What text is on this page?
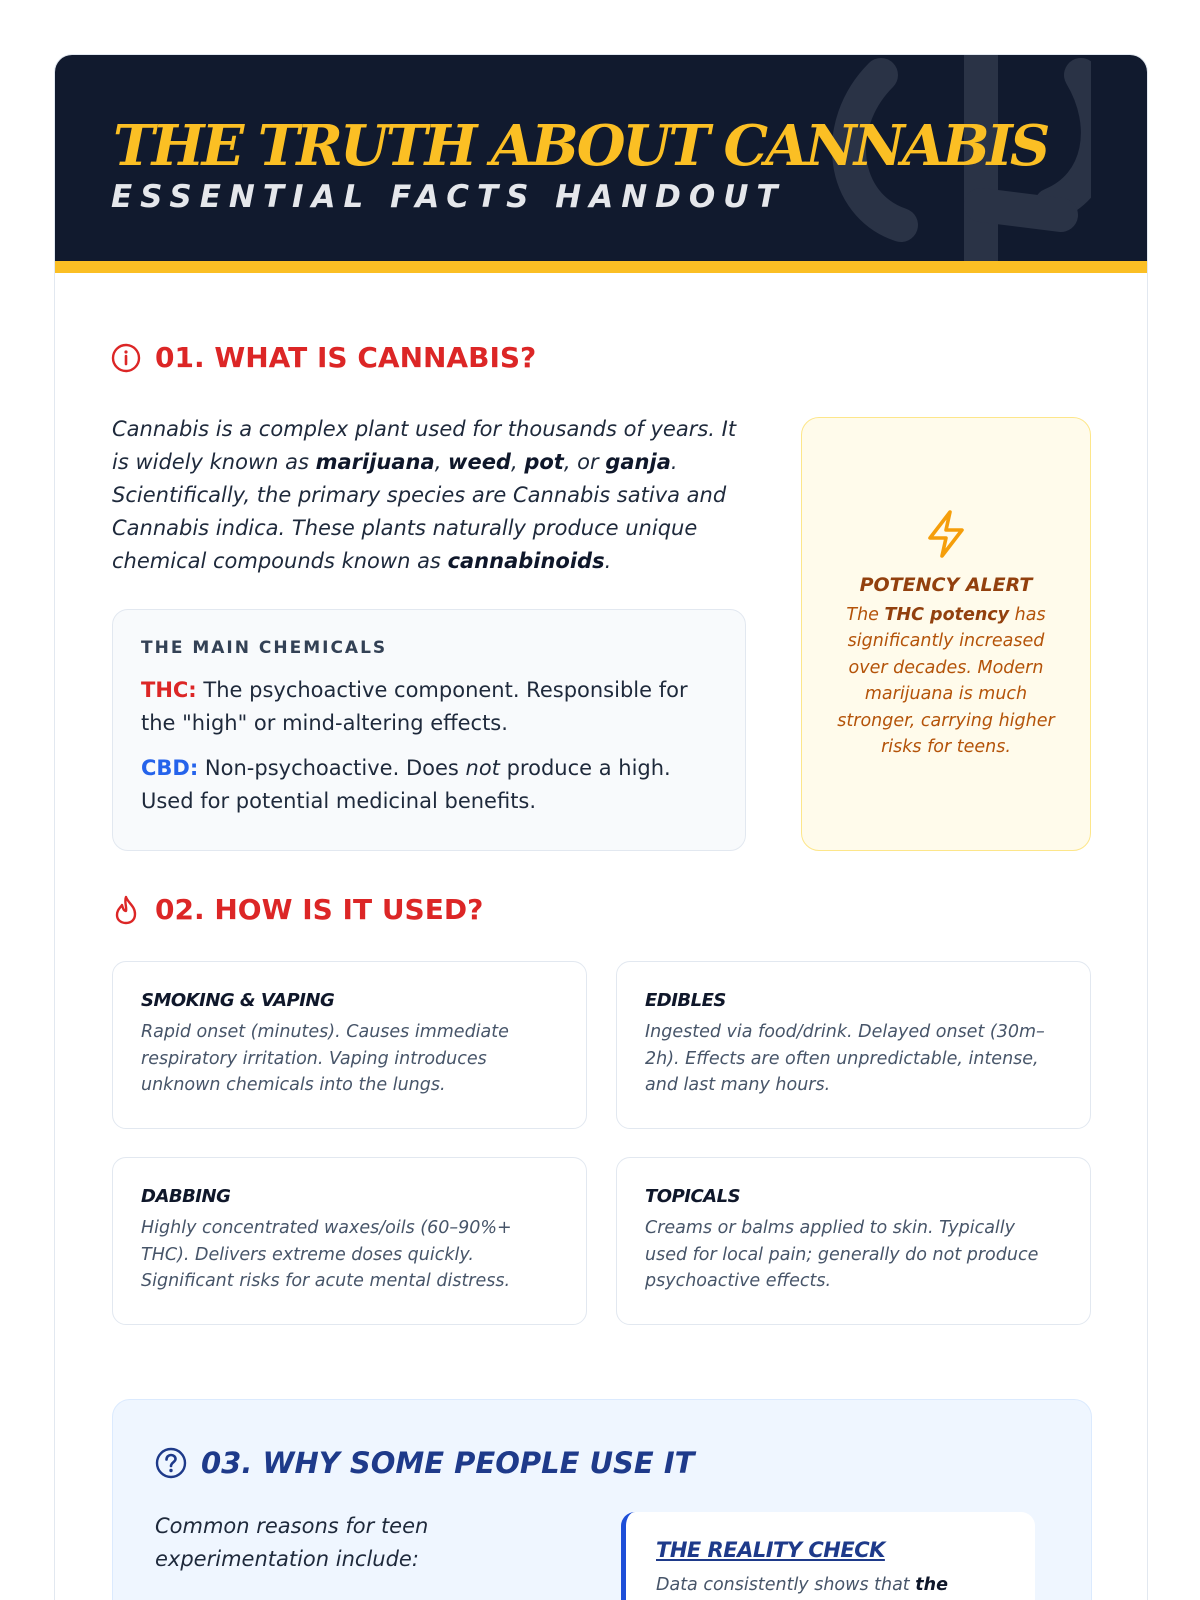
THE TRUTH ABOUT CANNABIS
ESSENTIAL FACTS HANDOUT
01. WHAT IS CANNABIS?

Cannabis is a complex plant used for thousands of years. It is widely known as marijuana, weed, pot, or ganja. Scientifically, the primary species are Cannabis sativa and Cannabis indica. These plants naturally produce unique chemical compounds known as cannabinoids.

THE MAIN CHEMICALS

THC: The psychoactive component. Responsible for the "high" or mind-altering effects.

CBD: Non-psychoactive. Does not produce a high. Used for potential medicinal benefits.

POTENCY ALERT

The THC potency has significantly increased over decades. Modern marijuana is much stronger, carrying higher risks for teens.

02. HOW IS IT USED?
SMOKING & VAPING

Rapid onset (minutes). Causes immediate respiratory irritation. Vaping introduces unknown chemicals into the lungs.

EDIBLES

Ingested via food/drink. Delayed onset (30m–2h). Effects are often unpredictable, intense, and last many hours.

DABBING

Highly concentrated waxes/oils (60–90%+ THC). Delivers extreme doses quickly. Significant risks for acute mental distress.

TOPICALS

Creams or balms applied to skin. Typically used for local pain; generally do not produce psychoactive effects.

03. WHY SOME PEOPLE USE IT

Common reasons for teen experimentation include:	THE REALITY CHECK

Data consistently shows that the
